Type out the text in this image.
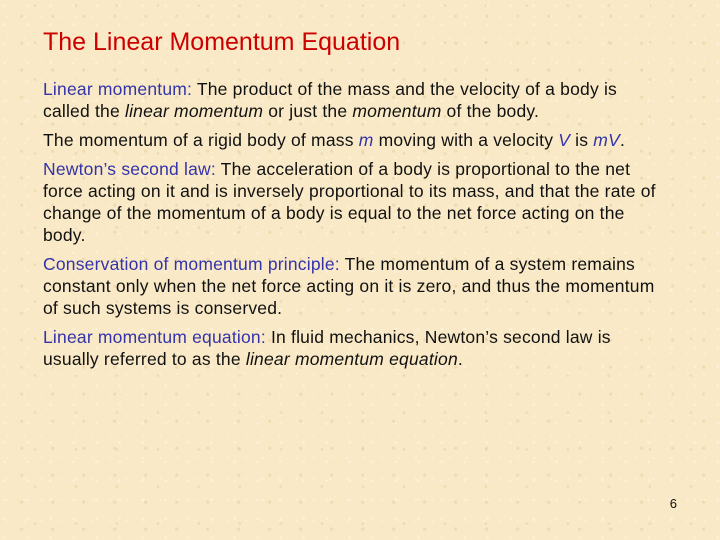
The Linear Momentum Equation

Linear momentum: The product of the mass and the velocity of a body is called the linear momentum or just the momentum of the body.

The momentum of a rigid body of mass m moving with a velocity V is mV.

Newton’s second law: The acceleration of a body is proportional to the net force acting on it and is inversely proportional to its mass, and that the rate of change of the momentum of a body is equal to the net force acting on the body.

Conservation of momentum principle: The momentum of a system remains constant only when the net force acting on it is zero, and thus the momentum of such systems is conserved.

Linear momentum equation: In fluid mechanics, Newton’s second law is usually referred to as the linear momentum equation.

6
